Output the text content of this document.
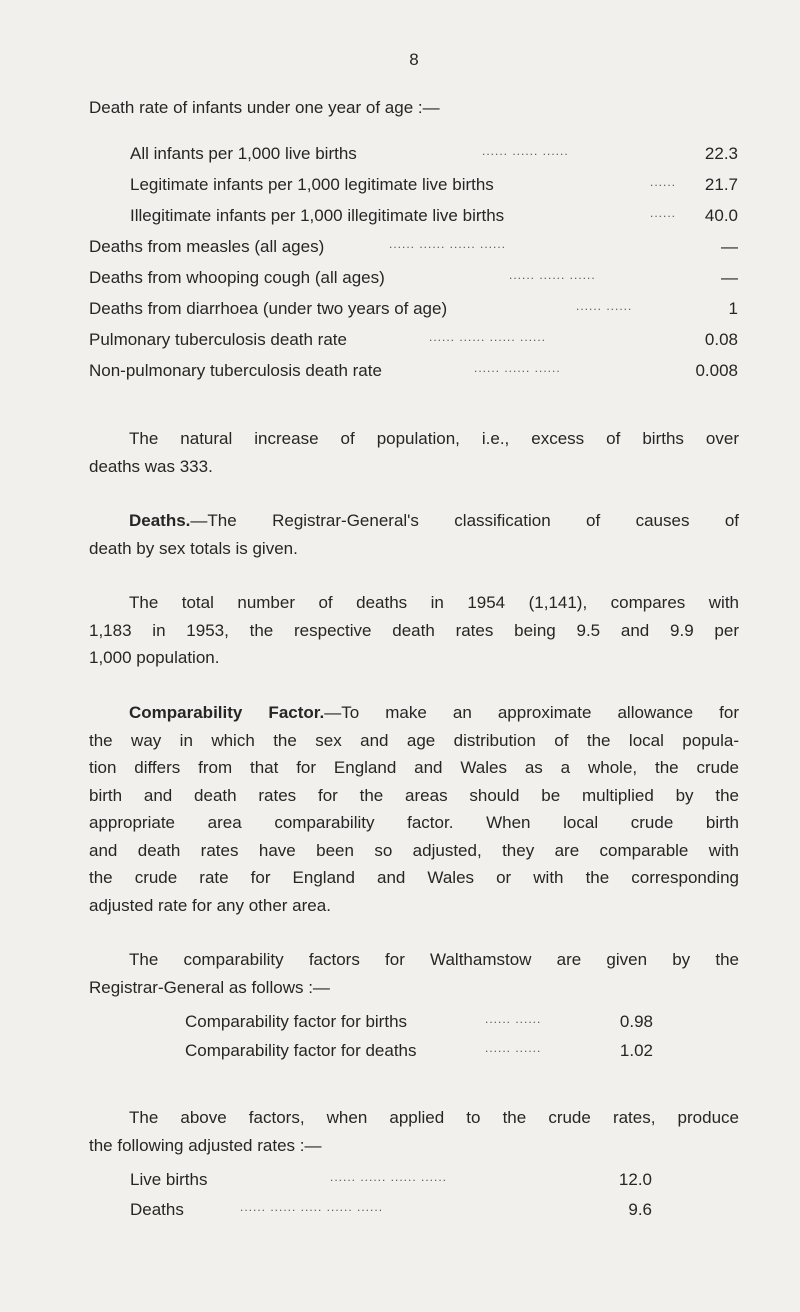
8
Death rate of infants under one year of age :—
All infants per 1,000 live births	...... ...... ......	22.3
Legitimate infants per 1,000 legitimate live births	...... 21.7
Illegitimate infants per 1,000 illegitimate live births	...... 40.0
Deaths from measles (all ages)	...... ...... ...... ......	—
Deaths from whooping cough (all ages)	...... ...... ......	—
Deaths from diarrhoea (under two years of age)	...... ......	1
Pulmonary tuberculosis death rate	...... ...... ...... ......	0.08
Non-pulmonary tuberculosis death rate	...... ...... ......	0.008
The natural increase of population, i.e., excess of births over
deaths was 333.
Deaths.—The Registrar-General's classification of causes of
death by sex totals is given.
The total number of deaths in 1954 (1,141), compares with
1,183 in 1953, the respective death rates being 9.5 and 9.9 per
1,000 population.
Comparability Factor.—To make an approximate allowance for
the way in which the sex and age distribution of the local popula-
tion differs from that for England and Wales as a whole, the crude
birth and death rates for the areas should be multiplied by the
appropriate area comparability factor. When local crude birth
and death rates have been so adjusted, they are comparable with
the crude rate for England and Wales or with the corresponding
adjusted rate for any other area.
The comparability factors for Walthamstow are given by the
Registrar-General as follows :—
Comparability factor for births	...... ......	0.98
Comparability factor for deaths	...... ......	1.02
The above factors, when applied to the crude rates, produce
the following adjusted rates :—
Live births	...... ...... ...... ......	12.0
Deaths	...... ...... ..... ...... ......	9.6
